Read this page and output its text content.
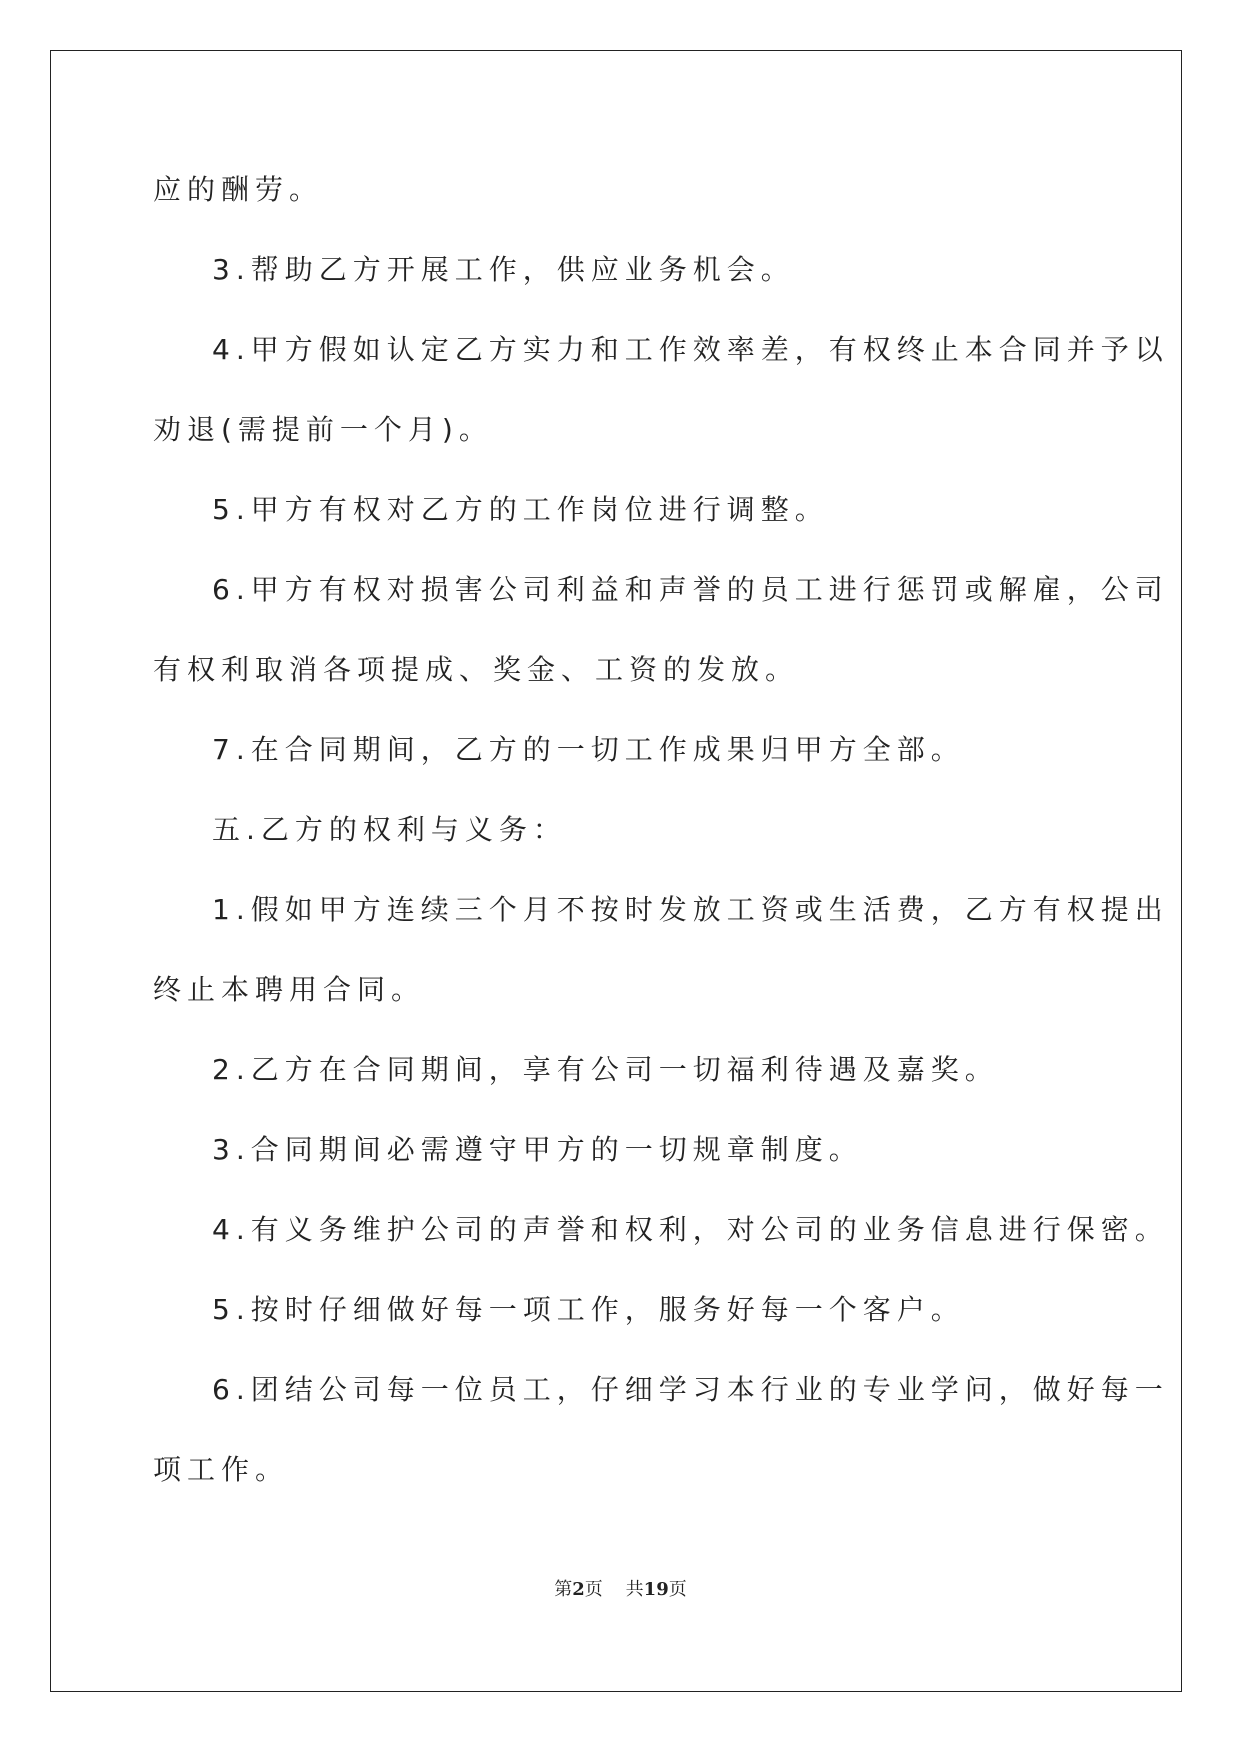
应的酬劳。
3.帮助乙方开展工作，供应业务机会。
4.甲方假如认定乙方实力和工作效率差，有权终止本合同并予以
劝退(需提前一个月)。
5.甲方有权对乙方的工作岗位进行调整。
6.甲方有权对损害公司利益和声誉的员工进行惩罚或解雇，公司
有权利取消各项提成、奖金、工资的发放。
7.在合同期间，乙方的一切工作成果归甲方全部。
五.乙方的权利与义务：
1.假如甲方连续三个月不按时发放工资或生活费，乙方有权提出
终止本聘用合同。
2.乙方在合同期间，享有公司一切福利待遇及嘉奖。
3.合同期间必需遵守甲方的一切规章制度。
4.有义务维护公司的声誉和权利，对公司的业务信息进行保密。
5.按时仔细做好每一项工作，服务好每一个客户。
6.团结公司每一位员工，仔细学习本行业的专业学问，做好每一
项工作。
第2页 共19页
